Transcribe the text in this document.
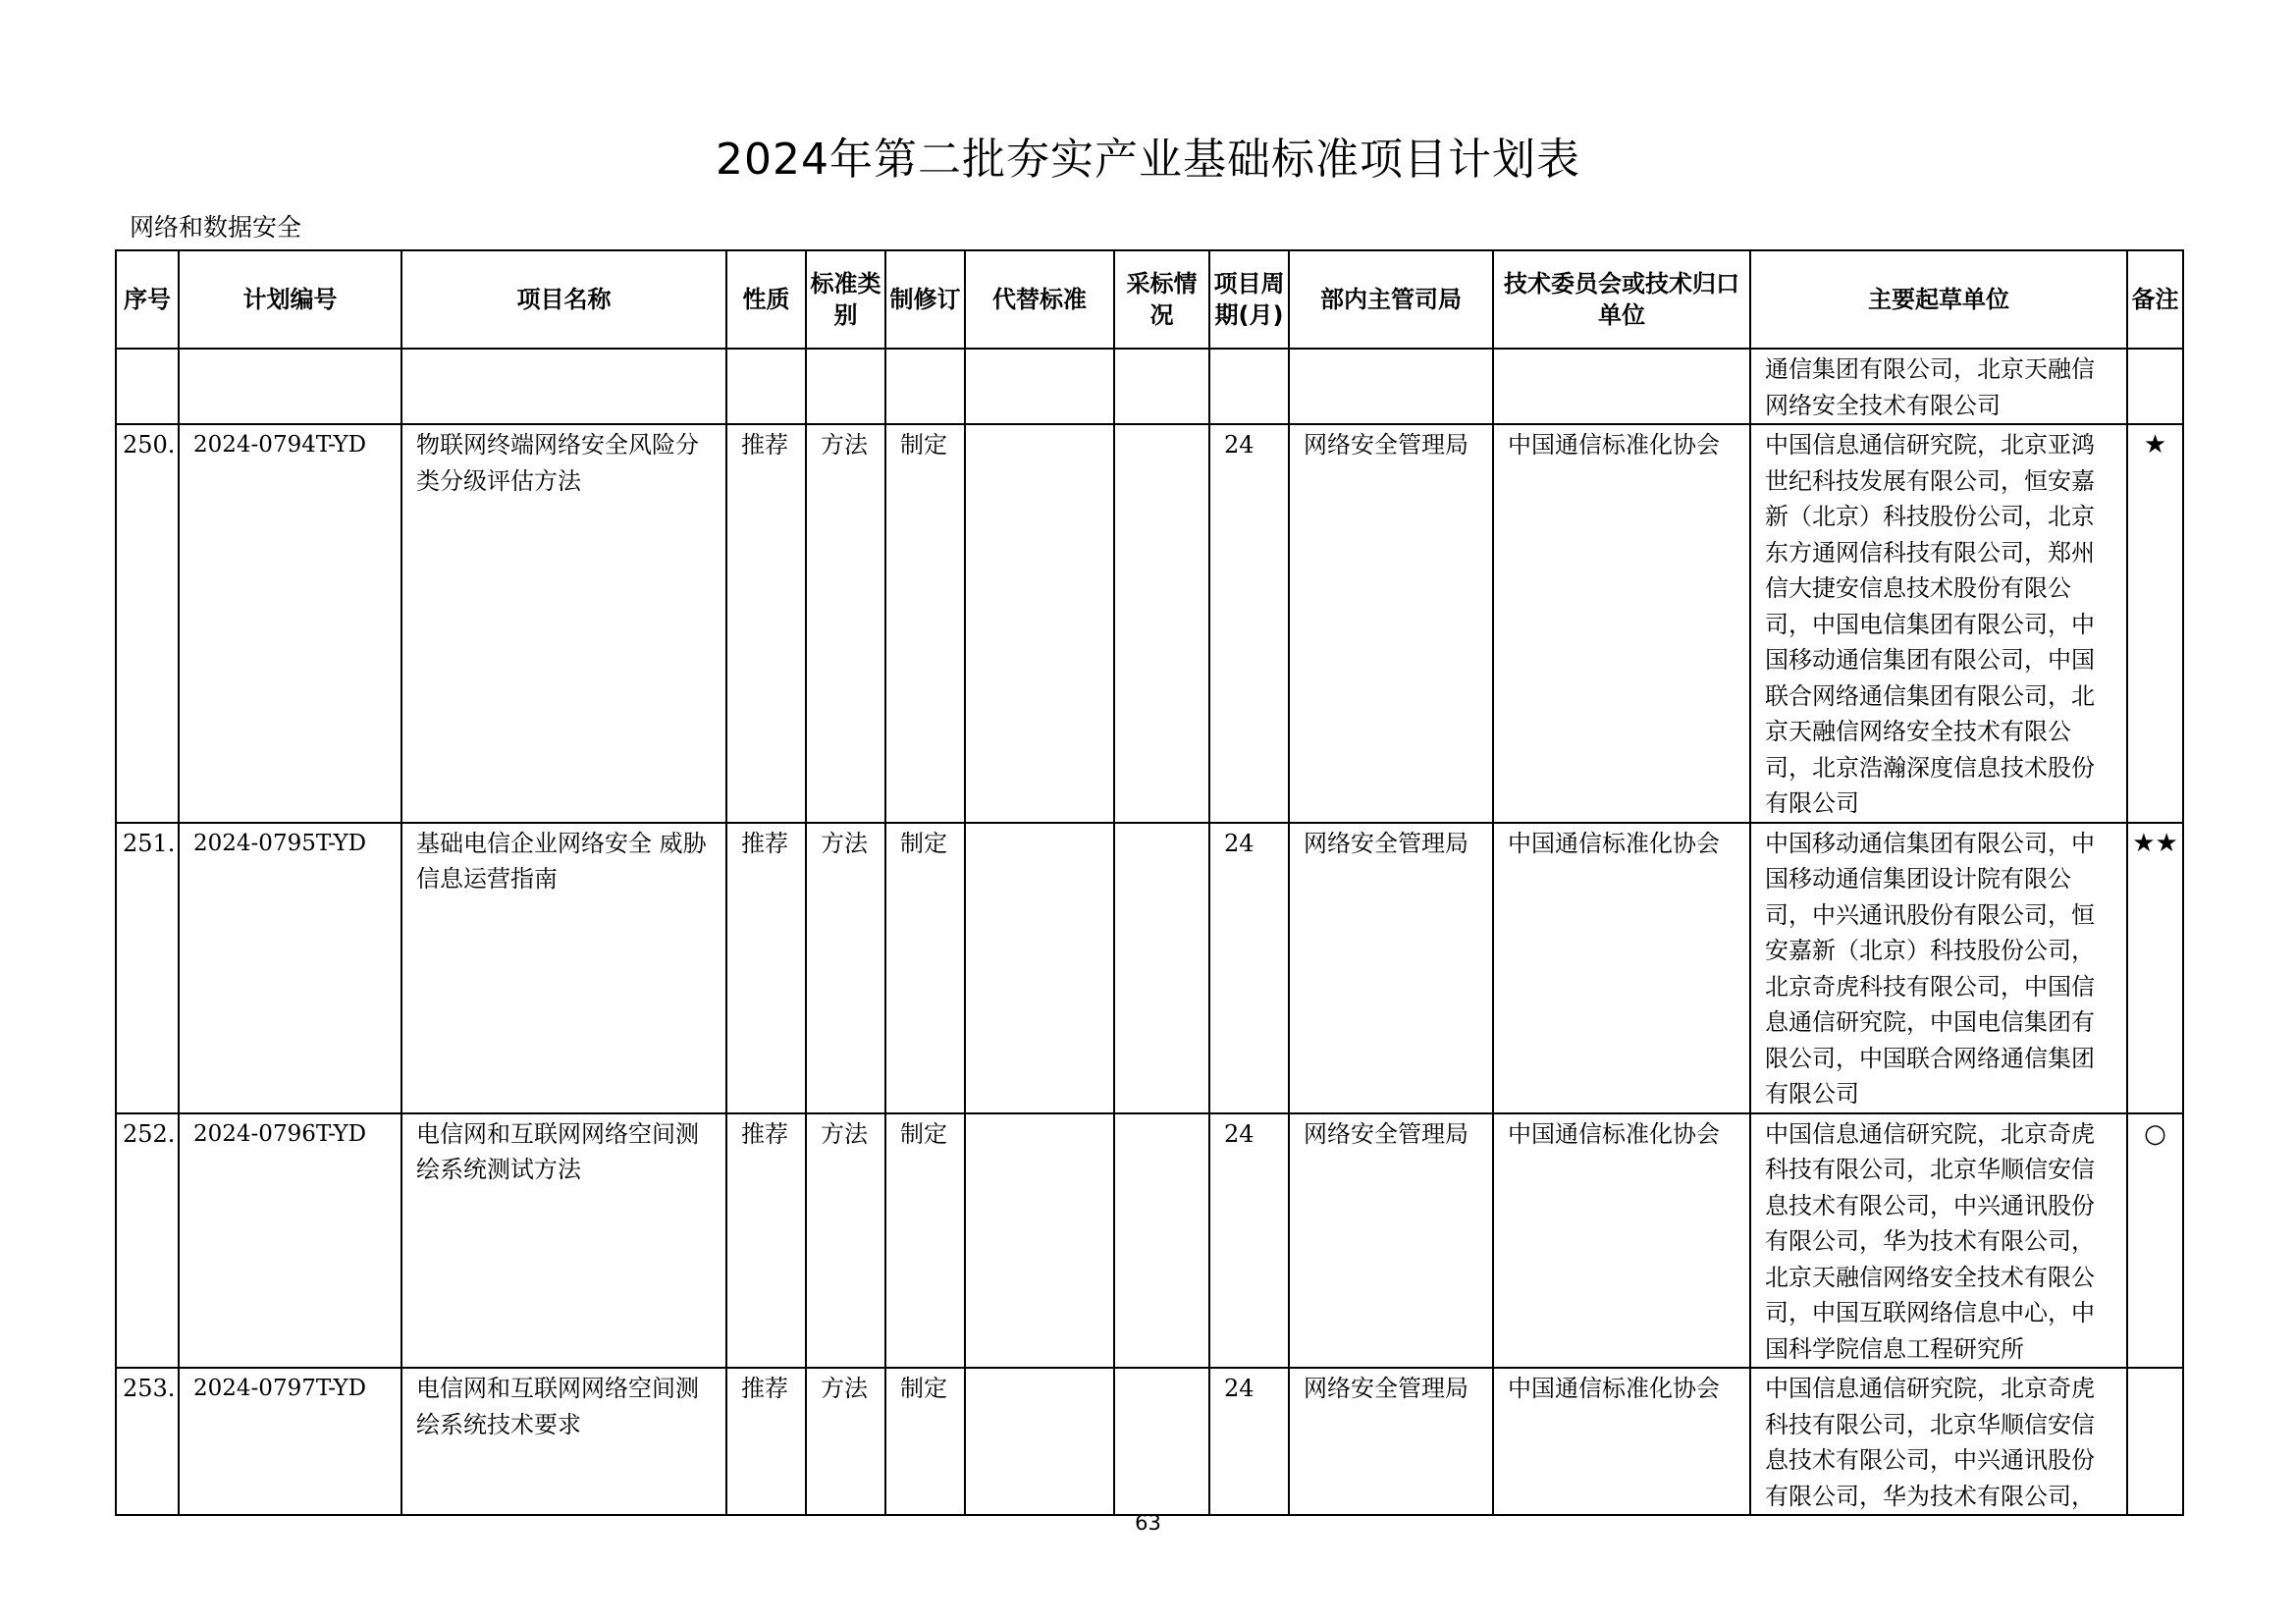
2024年第二批夯实产业基础标准项目计划表
网络和数据安全
序号	计划编号	项目名称	性质	标准类别	制修订	代替标准	采标情况	项目周期(月)	部内主管司局	技术委员会或技术归口单位	主要起草单位	备注
											通信集团有限公司，北京天融信网络安全技术有限公司	
250.	2024-0794T-YD	物联网终端网络安全风险分类分级评估方法	推荐	方法	制定			24	网络安全管理局	中国通信标准化协会	中国信息通信研究院，北京亚鸿世纪科技发展有限公司，恒安嘉新（北京）科技股份公司，北京东方通网信科技有限公司，郑州信大捷安信息技术股份有限公司，中国电信集团有限公司，中国移动通信集团有限公司，中国联合网络通信集团有限公司，北京天融信网络安全技术有限公司，北京浩瀚深度信息技术股份有限公司	★
251.	2024-0795T-YD	基础电信企业网络安全 威胁信息运营指南	推荐	方法	制定			24	网络安全管理局	中国通信标准化协会	中国移动通信集团有限公司，中国移动通信集团设计院有限公司，中兴通讯股份有限公司，恒安嘉新（北京）科技股份公司，北京奇虎科技有限公司，中国信息通信研究院，中国电信集团有限公司，中国联合网络通信集团有限公司	★★
252.	2024-0796T-YD	电信网和互联网网络空间测绘系统测试方法	推荐	方法	制定			24	网络安全管理局	中国通信标准化协会	中国信息通信研究院，北京奇虎科技有限公司，北京华顺信安信息技术有限公司，中兴通讯股份有限公司，华为技术有限公司，北京天融信网络安全技术有限公司，中国互联网络信息中心，中国科学院信息工程研究所	○
253.	2024-0797T-YD	电信网和互联网网络空间测绘系统技术要求	推荐	方法	制定			24	网络安全管理局	中国通信标准化协会	中国信息通信研究院，北京奇虎科技有限公司，北京华顺信安信息技术有限公司，中兴通讯股份有限公司，华为技术有限公司，	
63
